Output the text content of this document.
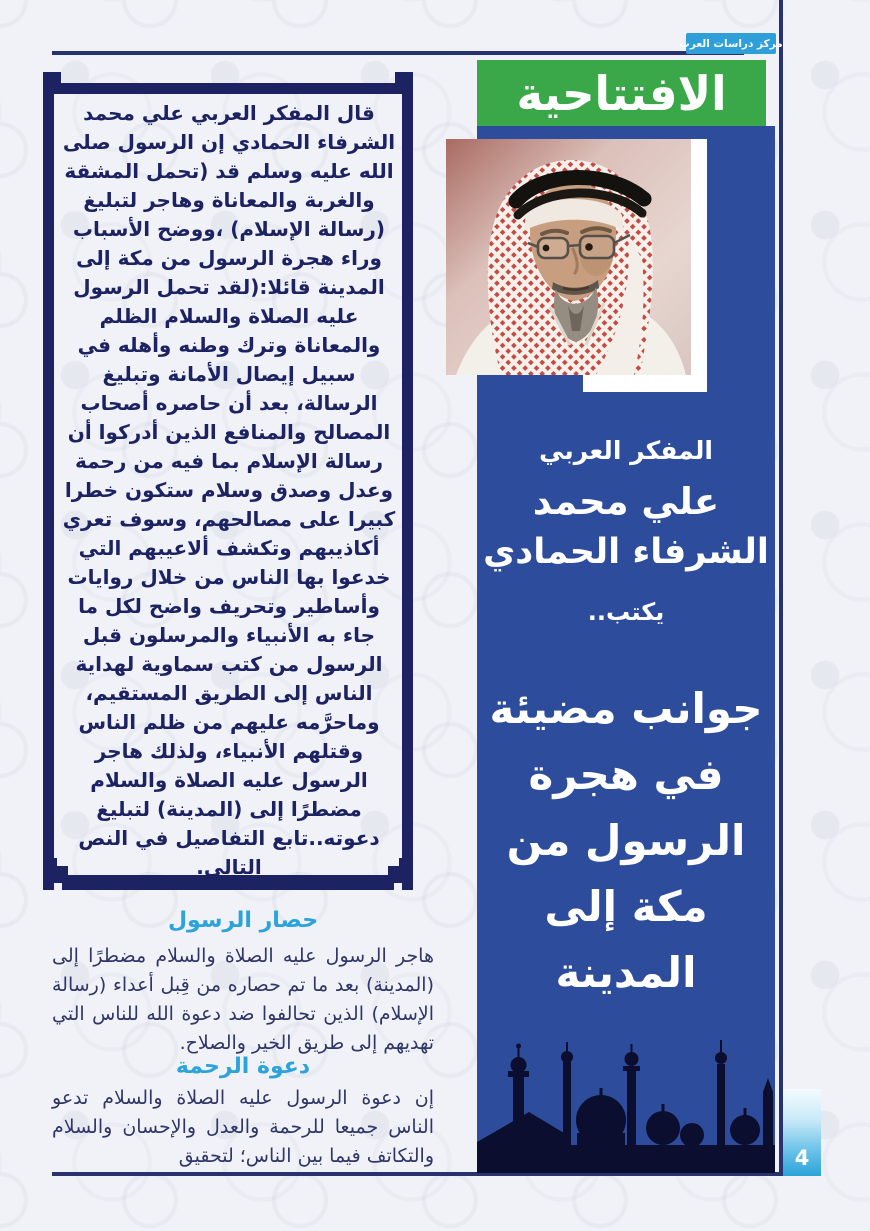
مركز دراسات العرب
الافتتاحية
المفكر العربي
علي محمد
الشرفاء الحمادي
يكتب..
جوانب مضيئة
في هجرة
الرسول من
مكة إلى
المدينة
قال المفكر العربي علي محمد الشرفاء الحمادي إن الرسول صلى الله عليه وسلم قد (تحمل المشقة والغربة والمعاناة وهاجر لتبليغ (رسالة الإسلام) ،ووضح الأسباب وراء هجرة الرسول من مكة إلى المدينة قائلا:(لقد تحمل الرسول عليه الصلاة والسلام الظلم والمعاناة وترك وطنه وأهله في سبيل إيصال الأمانة وتبليغ الرسالة، بعد أن حاصره أصحاب المصالح والمنافع الذين أدركوا أن رسالة الإسلام بما فيه من رحمة وعدل وصدق وسلام ستكون خطرا كبيرا على مصالحهم، وسوف تعري أكاذيبهم وتكشف ألاعيبهم التي خدعوا بها الناس من خلال روايات وأساطير وتحريف واضح لكل ما جاء به الأنبياء والمرسلون قبل الرسول من كتب سماوية لهداية الناس إلى الطريق المستقيم، وماحرَّمه عليهم من ظلم الناس وقتلهم الأنبياء، ولذلك هاجر الرسول عليه الصلاة والسلام مضطرًا إلى (المدينة) لتبليغ دعوته..تابع التفاصيل في النص التالي.
حصار الرسول
هاجر الرسول عليه الصلاة والسلام مضطرًا إلى (المدينة) بعد ما تم حصاره من قِبل أعداء (رسالة الإسلام) الذين تحالفوا ضد دعوة الله للناس التي تهديهم إلى طريق الخير والصلاح.
دعوة الرحمة
إن دعوة الرسول عليه الصلاة والسلام تدعو الناس جميعا للرحمة والعدل والإحسان والسلام والتكاتف فيما بين الناس؛ لتحقيق	4
